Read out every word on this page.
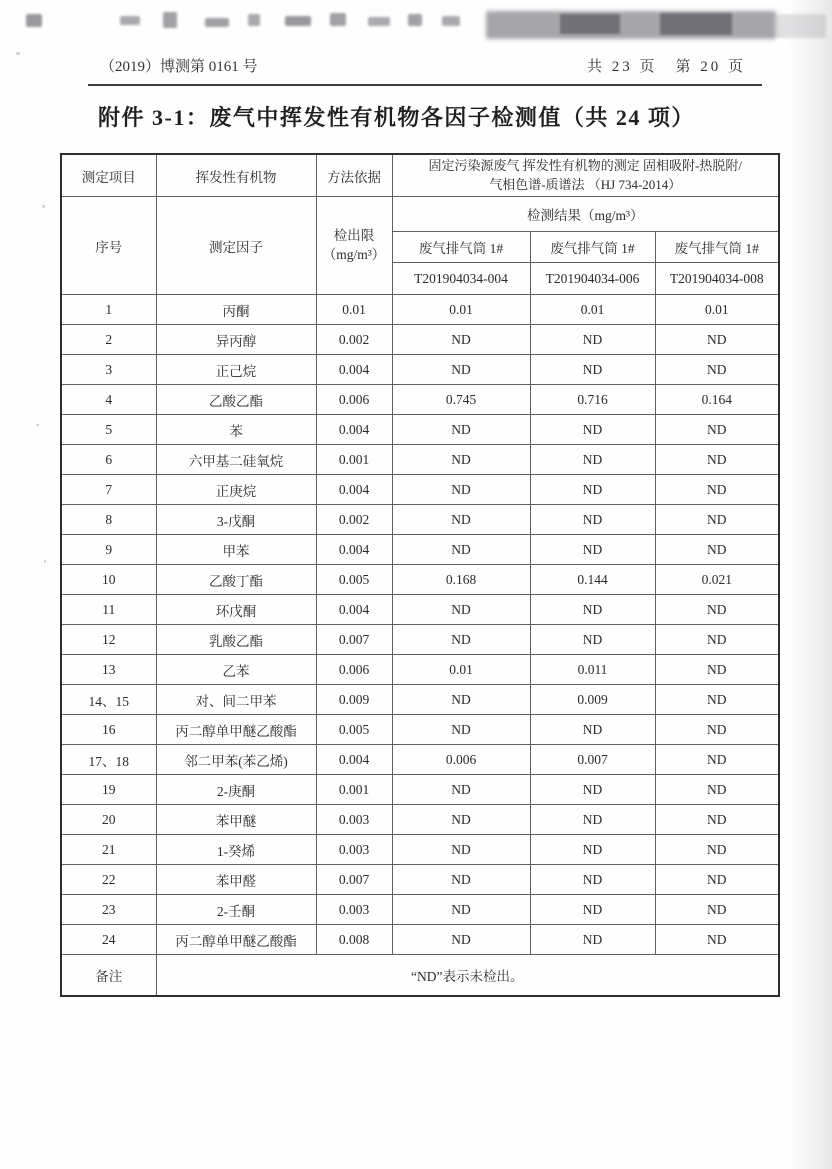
（2019）博测第 0161 号	共 23 页　第 20 页
附件 3-1：废气中挥发性有机物各因子检测值（共 24 项）
测定项目	挥发性有机物	方法依据	固定污染源废气 挥发性有机物的测定 固相吸附-热脱附/
气相色谱-质谱法 （HJ 734-2014）		

序号	测定因子	检出限
（mg/m³）	检测结果（mg/m³）		
			废气排气筒 1#	废气排气筒 1#	废气排气筒 1#
			T201904034-004	T201904034-006	T201904034-008
1	丙酮	0.01	0.01	0.01	0.01
2	异丙醇	0.002	ND	ND	ND
3	正己烷	0.004	ND	ND	ND
4	乙酸乙酯	0.006	0.745	0.716	0.164
5	苯	0.004	ND	ND	ND
6	六甲基二硅氧烷	0.001	ND	ND	ND
7	正庚烷	0.004	ND	ND	ND
8	3-戊酮	0.002	ND	ND	ND
9	甲苯	0.004	ND	ND	ND
10	乙酸丁酯	0.005	0.168	0.144	0.021
11	环戊酮	0.004	ND	ND	ND
12	乳酸乙酯	0.007	ND	ND	ND
13	乙苯	0.006	0.01	0.011	ND
14、15	对、间二甲苯	0.009	ND	0.009	ND
16	丙二醇单甲醚乙酸酯	0.005	ND	ND	ND
17、18	邻二甲苯(苯乙烯)	0.004	0.006	0.007	ND
19	2-庚酮	0.001	ND	ND	ND
20	苯甲醚	0.003	ND	ND	ND
21	1-癸烯	0.003	ND	ND	ND
22	苯甲醛	0.007	ND	ND	ND
23	2-壬酮	0.003	ND	ND	ND
24	丙二醇单甲醚乙酸酯	0.008	ND	ND	ND
备注	“ND”表示未检出。				
